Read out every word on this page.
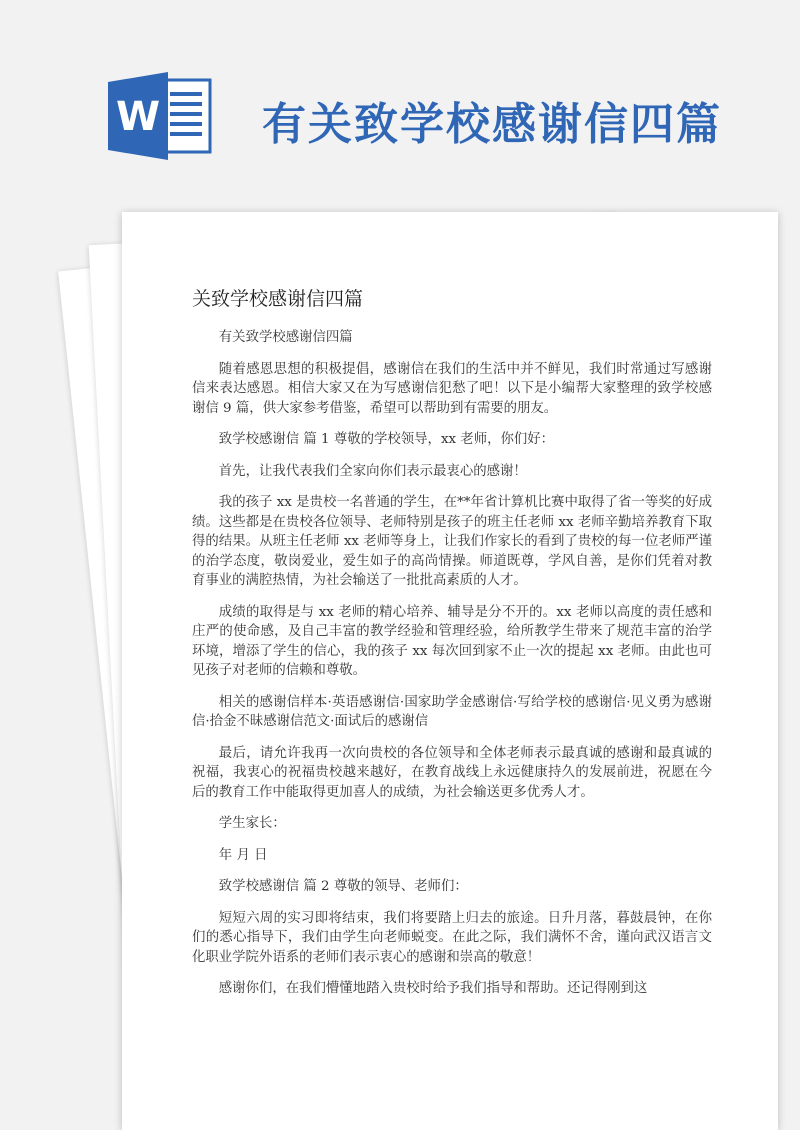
W 有关致学校感谢信四篇
关致学校感谢信四篇

有关致学校感谢信四篇

随着感恩思想的积极提倡，感谢信在我们的生活中并不鲜见，我们时常通过写感谢信来表达感恩。相信大家又在为写感谢信犯愁了吧！以下是小编帮大家整理的致学校感谢信 9 篇，供大家参考借鉴，希望可以帮助到有需要的朋友。

致学校感谢信 篇 1 尊敬的学校领导，xx 老师，你们好：

首先，让我代表我们全家向你们表示最衷心的感谢！

我的孩子 xx 是贵校一名普通的学生，在**年省计算机比赛中取得了省一等奖的好成绩。这些都是在贵校各位领导、老师特别是孩子的班主任老师 xx 老师辛勤培养教育下取得的结果。从班主任老师 xx 老师等身上，让我们作家长的看到了贵校的每一位老师严谨的治学态度，敬岗爱业，爱生如子的高尚情操。师道既尊，学风自善，是你们凭着对教育事业的满腔热情，为社会输送了一批批高素质的人才。

成绩的取得是与 xx 老师的精心培养、辅导是分不开的。xx 老师以高度的责任感和庄严的使命感，及自己丰富的教学经验和管理经验，给所教学生带来了规范丰富的治学环境，增添了学生的信心，我的孩子 xx 每次回到家不止一次的提起 xx 老师。由此也可见孩子对老师的信赖和尊敬。

相关的感谢信样本·英语感谢信·国家助学金感谢信·写给学校的感谢信·见义勇为感谢信·拾金不昧感谢信范文·面试后的感谢信

最后，请允许我再一次向贵校的各位领导和全体老师表示最真诚的感谢和最真诚的祝福，我衷心的祝福贵校越来越好，在教育战线上永远健康持久的发展前进，祝愿在今后的教育工作中能取得更加喜人的成绩，为社会输送更多优秀人才。

学生家长：

年 月 日

致学校感谢信 篇 2 尊敬的领导、老师们：

短短六周的实习即将结束，我们将要踏上归去的旅途。日升月落，暮鼓晨钟，在你们的悉心指导下，我们由学生向老师蜕变。在此之际，我们满怀不舍，谨向武汉语言文化职业学院外语系的老师们表示衷心的感谢和崇高的敬意！

感谢你们，在我们懵懂地踏入贵校时给予我们指导和帮助。还记得刚到这
